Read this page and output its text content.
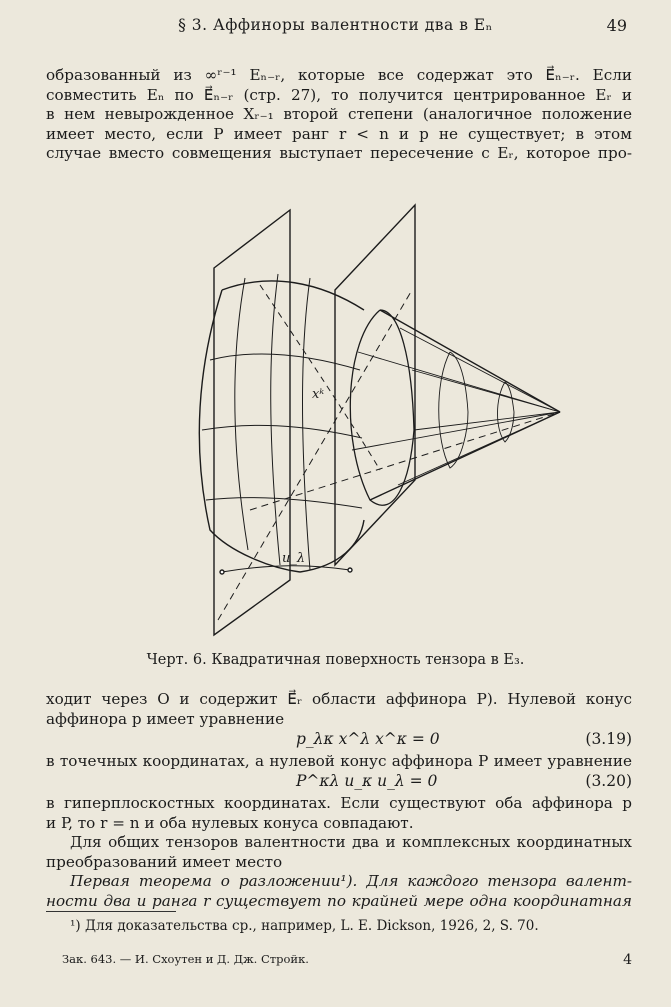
§ 3. Аффиноры валентности два в Eₙ	49
образованный из ∞ʳ⁻¹ Eₙ₋ᵣ, которые все содержат это E⃗ₙ₋ᵣ. Если
совместить Eₙ по E⃗ₙ₋ᵣ (стр. 27), то получится центрированное Eᵣ и
в нем невырожденное Xᵣ₋₁ второй степени (аналогичное положение
имеет место, если P имеет ранг r < n и p не существует; в этом
случае вместо совмещения выступает пересечение с Eᵣ, которое про-
xᵏ
u_λ
Черт. 6. Квадратичная поверхность тензора в E₃.
ходит через O и содержит E⃗ᵣ области аффинора P). Нулевой конус
аффинора p имеет уравнение
p_λκ x^λ x^κ = 0	(3.19)
в точечных координатах, а нулевой конус аффинора P имеет уравнение
P^κλ u_κ u_λ = 0	(3.20)
в гиперплоскостных координатах. Если существуют оба аффинора p
и P, то r = n и оба нулевых конуса совпадают.
Для общих тензоров валентности два и комплексных координатных
преобразований имеет место
Первая теорема о разложении¹). Для каждого тензора валент-
ности два и ранга r существует по крайней мере одна координатная
¹) Для доказательства ср., например, L. E. Dickson, 1926, 2, S. 70.
Зак. 643. — И. Схоутен и Д. Дж. Стройк.	4
